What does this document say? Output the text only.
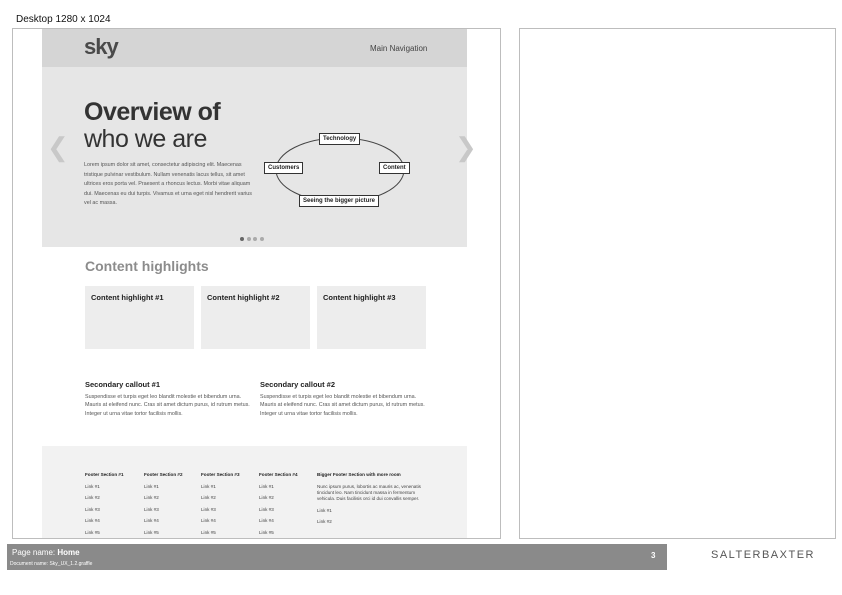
Desktop 1280 x 1024
sky	Main Navigation
❮	❯
Overview of
who we are
Lorem ipsum dolor sit amet, consectetur adipiscing elit. Maecenas tristique pulvinar vestibulum. Nullam venenatis lacus tellus, sit amet ultrices eros porta vel. Praesent a rhoncus lectus. Morbi vitae aliquam dui. Maecenas eu dui turpis. Vivamus et urna eget nisl hendrerit varius vel ac massa.
Technology
Customers	Content
Seeing the bigger picture
Content highlights
Content highlight #1	Content highlight #2	Content highlight #3
Secondary callout #1
Suspendisse et turpis eget leo blandit molestie et bibendum urna. Mauris at eleifend nunc. Cras sit amet dictum purus, id rutrum metus. Integer ut urna vitae tortor facilisis mollis.
Secondary callout #2
Suspendisse et turpis eget leo blandit molestie et bibendum urna. Mauris at eleifend nunc. Cras sit amet dictum purus, id rutrum metus. Integer ut urna vitae tortor facilisis mollis.
Footer Section #1
Link #1
Link #2
Link #3
Link #4
Link #5
Footer Section #2
Link #1
Link #2
Link #3
Link #4
Link #5
Footer Section #3
Link #1
Link #2
Link #3
Link #4
Link #5
Footer Section #4
Link #1
Link #2
Link #3
Link #4
Link #5
Bigger Footer Section with more room
Nunc ipsum purus, lobortis ac mauris ac, venenatis tincidunt leo. Nam tincidunt massa in fermentum vehicula. Duis facilisis orci id dui convallis semper.
Link #1
Link #2
Page name: Home
Document name: Sky_UX_1.2.graffle
3	SALTERBAXTER
